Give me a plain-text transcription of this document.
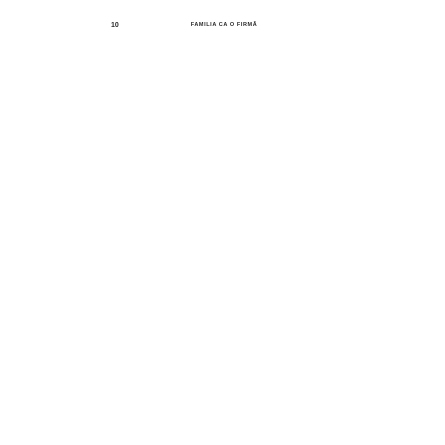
10	FAMILIA CA O FIRMĂ
